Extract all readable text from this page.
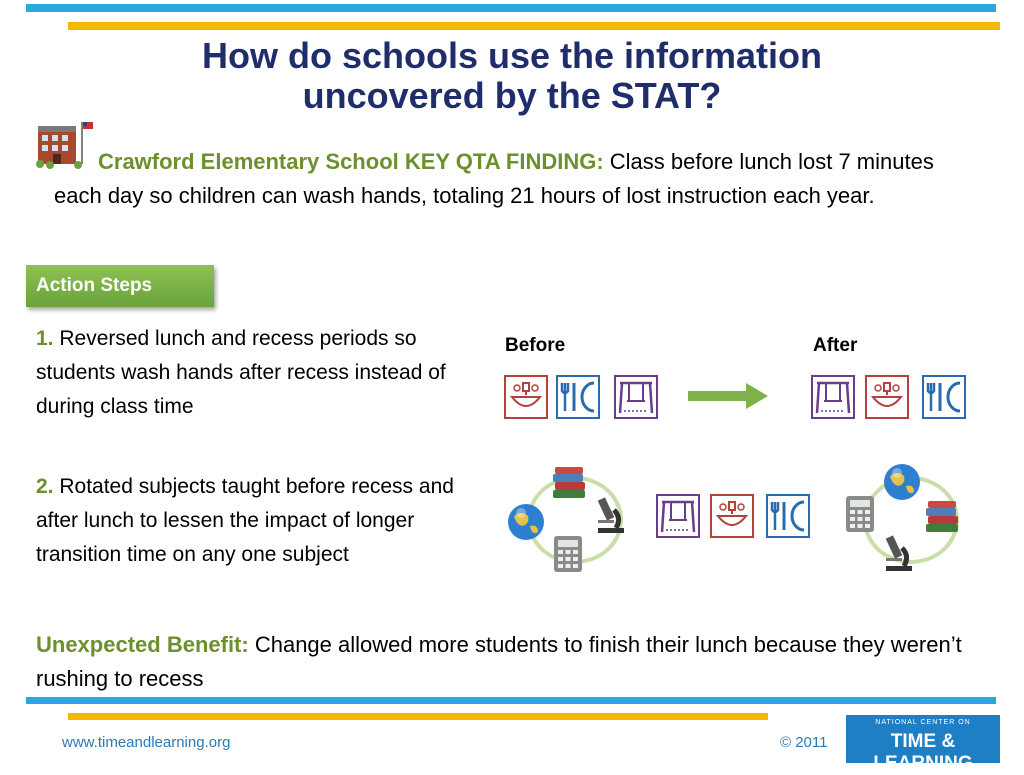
How do schools use the information
uncovered by the STAT?
Crawford Elementary School KEY QTA FINDING: Class before lunch lost 7 minutes each day so children can wash hands, totaling 21 hours of lost instruction each year.
Action Steps
1. Reversed lunch and recess periods so students wash hands after recess instead of during class time
2. Rotated subjects taught before recess and after lunch to lessen the impact of longer transition time on any one subject
Before	After
Unexpected Benefit: Change allowed more students to finish their lunch because they weren’t rushing to recess
www.timeandlearning.org	© 2011
NATIONAL CENTER ON
TIME & LEARNING
